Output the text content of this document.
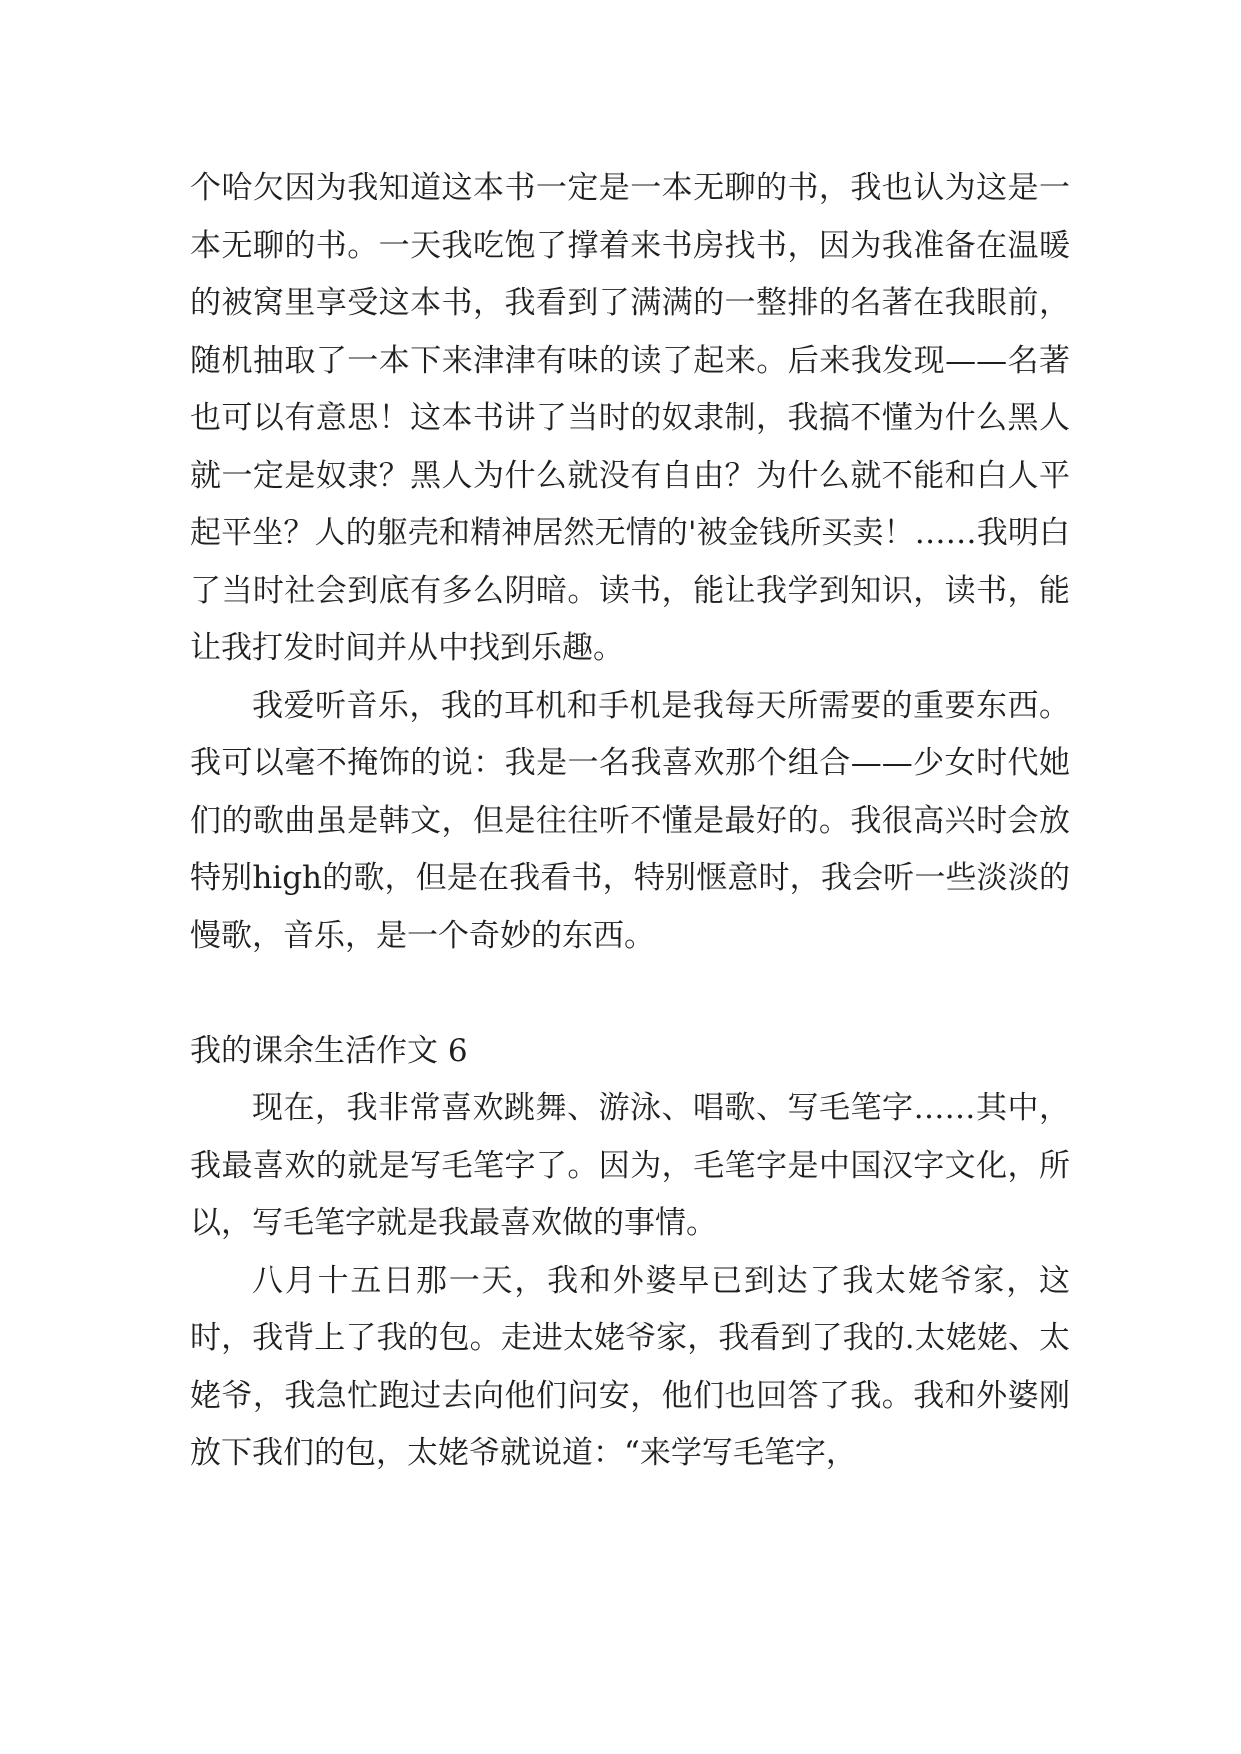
个哈欠因为我知道这本书一定是一本无聊的书，我也认为这是一本无聊的书。一天我吃饱了撑着来书房找书，因为我准备在温暖的被窝里享受这本书，我看到了满满的一整排的名著在我眼前，随机抽取了一本下来津津有味的读了起来。后来我发现——名著也可以有意思！这本书讲了当时的奴隶制，我搞不懂为什么黑人就一定是奴隶？黑人为什么就没有自由？为什么就不能和白人平起平坐？人的躯壳和精神居然无情的'被金钱所买卖！……我明白了当时社会到底有多么阴暗。读书，能让我学到知识，读书，能让我打发时间并从中找到乐趣。

我爱听音乐，我的耳机和手机是我每天所需要的重要东西。我可以毫不掩饰的说：我是一名我喜欢那个组合——少女时代她们的歌曲虽是韩文，但是往往听不懂是最好的。我很高兴时会放特别high的歌，但是在我看书，特别惬意时，我会听一些淡淡的慢歌，音乐，是一个奇妙的东西。

我的课余生活作文 6

现在，我非常喜欢跳舞、游泳、唱歌、写毛笔字……其中，我最喜欢的就是写毛笔字了。因为，毛笔字是中国汉字文化，所以，写毛笔字就是我最喜欢做的事情。

八月十五日那一天，我和外婆早已到达了我太姥爷家，这时，我背上了我的包。走进太姥爷家，我看到了我的.太姥姥、太姥爷，我急忙跑过去向他们问安，他们也回答了我。我和外婆刚放下我们的包，太姥爷就说道：“来学写毛笔字，
